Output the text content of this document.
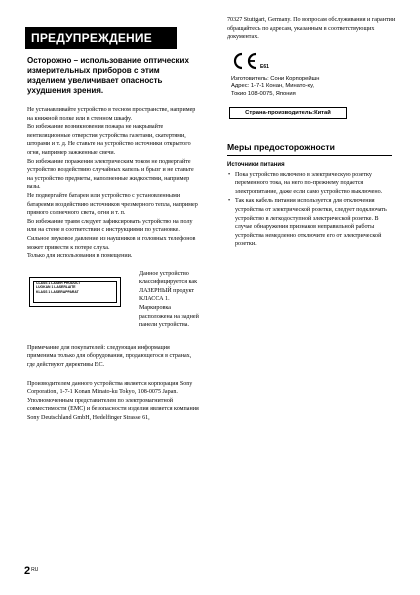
ПРЕДУПРЕЖДЕНИЕ
Осторожно – использование оптических измерительных приборов с этим изделием увеличивает опасность ухудшения зрения.

Не устанавливайте устройство в тесном пространстве, например на книжной полке или в стенном шкафу.

Во избежание возникновения пожара не накрывайте вентиляционные отверстия устройства газетами, скатертями, шторами и т. д. Не ставьте на устройство источники открытого огня, например зажженные свечи.

Во избежание поражения электрическим током не подвергайте устройство воздействию случайных капель и брызг и не ставьте на устройство предметы, наполненные жидкостями, например вазы.

Не подвергайте батареи или устройство с установленными батареями воздействию источников чрезмерного тепла, например прямого солнечного света, огня и т. п.

Во избежание травм следует зафиксировать устройство на полу или на стене в соответствии с инструкциями по установке.

Сильное звуковое давление из наушников и головных телефонов может привести к потере слуха.

Только для использования в помещении.

CLASS 1 LASER PRODUCT
LUOKAN 1 LASERLAITE
KLASS 1 LASERAPPARAT
Данное устройство классифицируется как ЛАЗЕРНЫЙ продукт КЛАССА 1. Маркировка расположена на задней панели устройства.

Примечание для покупателей: следующая информация применима только для оборудования, продающегося в странах, где действуют директивы ЕС.

Производителем данного устройства является корпорация Sony Corporation, 1-7-1 Konan Minato-ku Tokyo, 108-0075 Japan. Уполномоченным представителем по электромагнитной совместимости (EMC) и безопасности изделия является компания Sony Deutschland GmbH, Hedelfinger Strasse 61,

70327 Stuttgart, Germany. По вопросам обслуживания и гарантии обращайтесь по адресам, указанным в соответствующих документах.
E61
Изготовитель: Сони Корпорейшн
Адрес: 1-7-1 Конан, Минато-ку,
Токио 108-0075, Япония
Страна-производитель:Китай
Меры предосторожности
Источники питания
• Пока устройство включено в электрическую розетку переменного тока, на него по-прежнему подается электропитание, даже если само устройство выключено.
• Так как кабель питания используется для отключения устройства от электрической розетки, следует подключать устройство в легкодоступной электрической розетке. В случае обнаружения признаков неправильной работы устройства немедленно отключите его от электрической розетки.
$2^{RU}$
